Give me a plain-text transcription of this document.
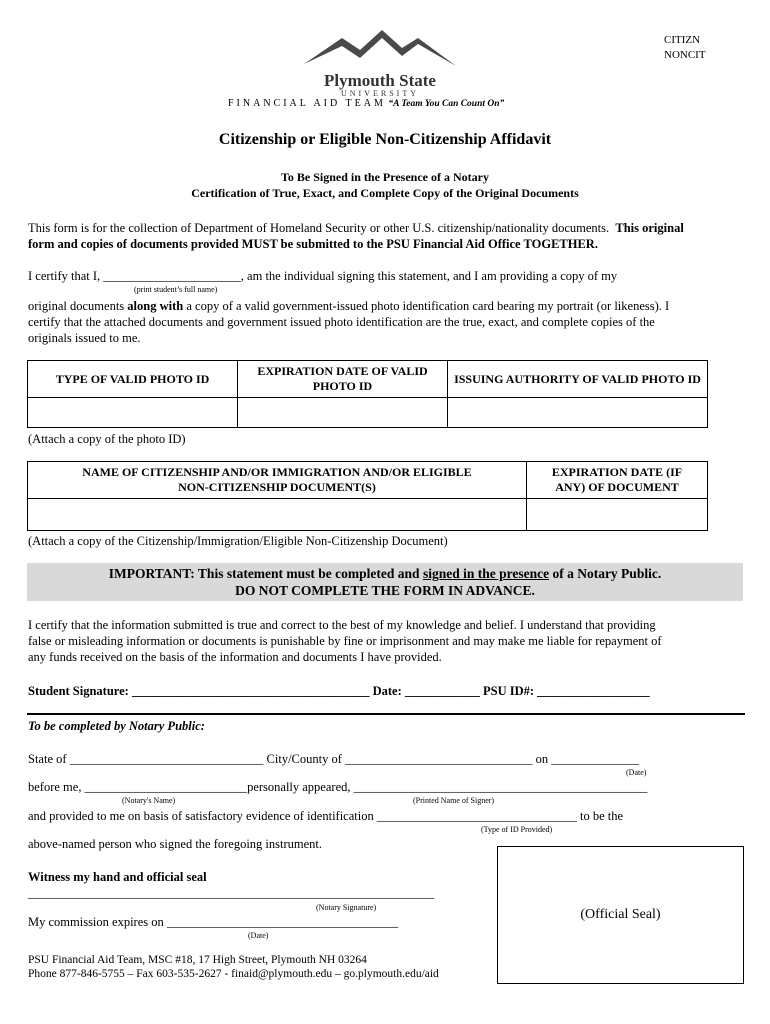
CITIZN
NONCIT
Plymouth State
UNIVERSITY
FINANCIAL AID TEAM “A Team You Can Count On”
Citizenship or Eligible Non-Citizenship Affidavit
To Be Signed in the Presence of a Notary
Certification of True, Exact, and Complete Copy of the Original Documents
This form is for the collection of Department of Homeland Security or other U.S. citizenship/nationality documents. This original
form and copies of documents provided MUST be submitted to the PSU Financial Aid Office TOGETHER.
I certify that I, ______________________, am the individual signing this statement, and I am providing a copy of my
(print student’s full name)
original documents along with a copy of a valid government-issued photo identification card bearing my portrait (or likeness). I
certify that the attached documents and government issued photo identification are the true, exact, and complete copies of the
originals issued to me.
TYPE OF VALID PHOTO ID	EXPIRATION DATE OF VALID PHOTO ID	ISSUING AUTHORITY OF VALID PHOTO ID

(Attach a copy of the photo ID)
NAME OF CITIZENSHIP AND/OR IMMIGRATION AND/OR ELIGIBLE NON-CITIZENSHIP DOCUMENT(S)	EXPIRATION DATE (IF ANY) OF DOCUMENT

(Attach a copy of the Citizenship/Immigration/Eligible Non-Citizenship Document)
IMPORTANT: This statement must be completed and signed in the presence of a Notary Public.
DO NOT COMPLETE THE FORM IN ADVANCE.
I certify that the information submitted is true and correct to the best of my knowledge and belief. I understand that providing
false or misleading information or documents is punishable by fine or imprisonment and may make me liable for repayment of
any funds received on the basis of the information and documents I have provided.
Student Signature: ______________________________________ Date: ____________ PSU ID#: __________________
To be completed by Notary Public:
State of _______________________________ City/County of ______________________________ on ______________
(Date)
before me, __________________________personally appeared, _______________________________________________
(Notary's Name)	(Printed Name of Signer)
and provided to me on basis of satisfactory evidence of identification ________________________________ to be the
(Type of ID Provided)
above-named person who signed the foregoing instrument.
Witness my hand and official seal
_________________________________________________________________
(Notary Signature)
My commission expires on _____________________________________
(Date)
(Official Seal)
PSU Financial Aid Team, MSC #18, 17 High Street, Plymouth NH 03264
Phone 877-846-5755 – Fax 603-535-2627 - finaid@plymouth.edu – go.plymouth.edu/aid
